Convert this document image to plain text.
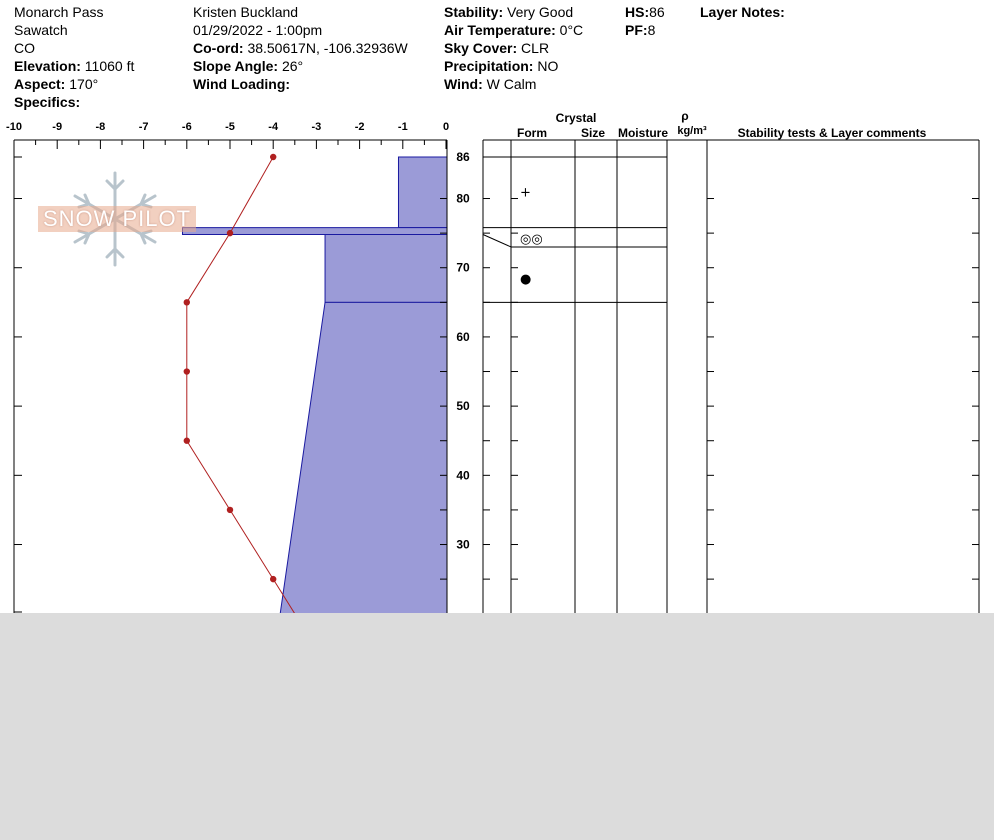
Monarch Pass
Sawatch
CO
Elevation: 11060 ft
Aspect: 170°
Specifics:
Kristen Buckland
01/29/2022 - 1:00pm
Co-ord: 38.50617N, -106.32936W
Slope Angle: 26°
Wind Loading:
Stability: Very Good
Air Temperature: 0°C
Sky Cover: CLR
Precipitation: NO
Wind: W Calm
HS:86
PF:8
Layer Notes:
-10	-9	-8	-7	-6	-5	-4	-3	-2	-1	0
86
80
70
60
50
40
30
Crystal
Form	Size Moisture
ρ
kg/m³	Stability tests & Layer comments
+
◎◎
●
SNOW PILOT
